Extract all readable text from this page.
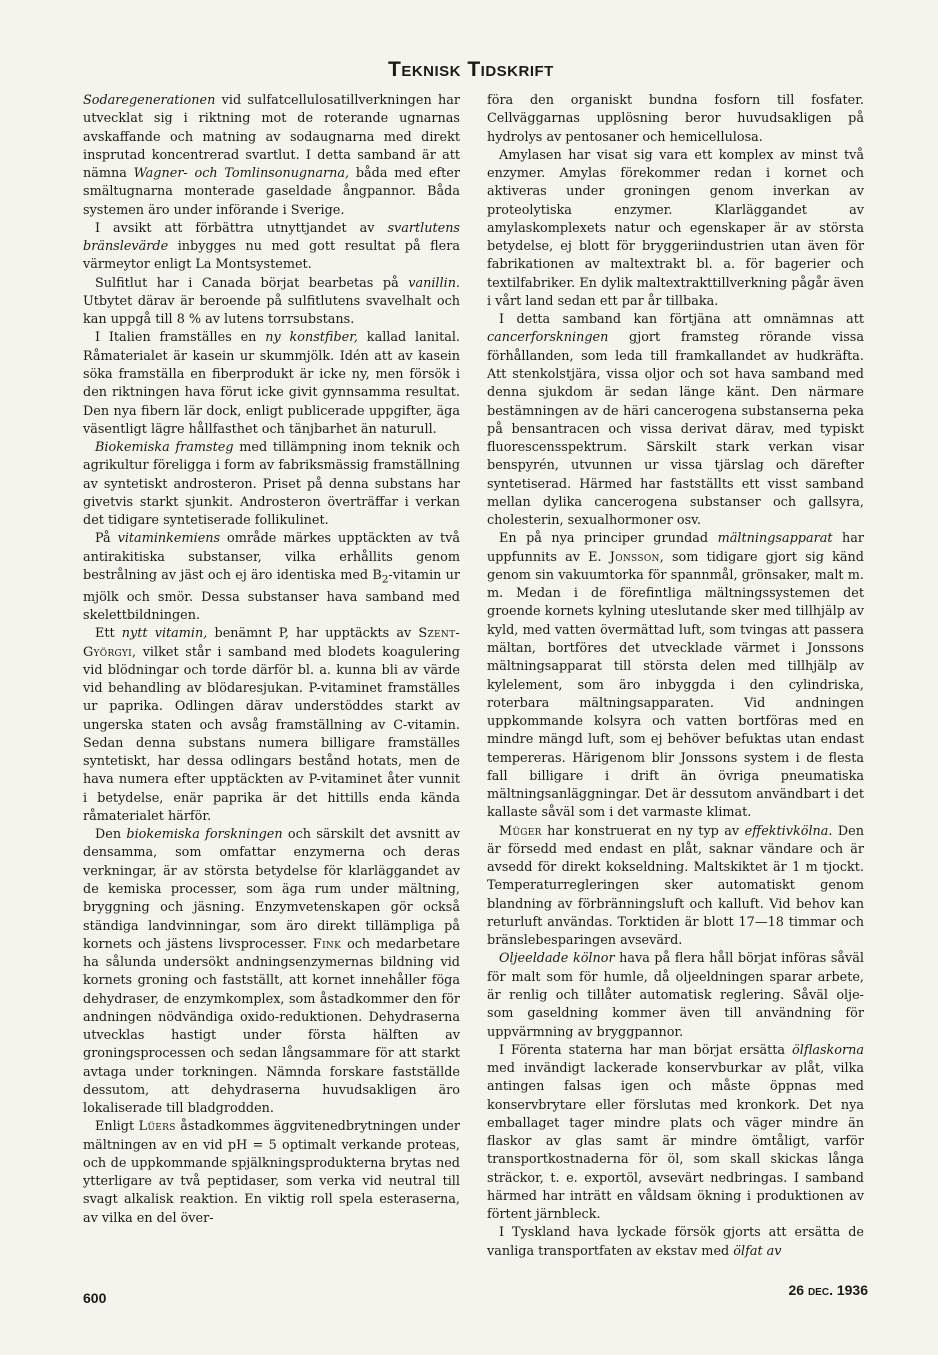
Teknisk Tidskrift

Sodaregenerationen vid sulfatcellulosatillverkningen har utvecklat sig i riktning mot de roterande ugnarnas avskaffande och matning av sodaugnarna med direkt insprutad koncentrerad svartlut. I detta samband är att nämna Wagner- och Tomlinsonugnarna, båda med efter smältugnarna monterade gaseldade ångpannor. Båda systemen äro under införande i Sverige.

I avsikt att förbättra utnyttjandet av svartlutens bränslevärde inbygges nu med gott resultat på flera värmeytor enligt La Montsystemet.

Sulfitlut har i Canada börjat bearbetas på vanillin. Utbytet därav är beroende på sulfitlutens svavelhalt och kan uppgå till 8 % av lutens torrsubstans.

I Italien framställes en ny konstfiber, kallad lanital. Råmaterialet är kasein ur skummjölk. Idén att av kasein söka framställa en fiberprodukt är icke ny, men försök i den riktningen hava förut icke givit gynnsamma resultat. Den nya fibern lär dock, enligt publicerade uppgifter, äga väsentligt lägre hållfasthet och tänjbarhet än naturull.

Biokemiska framsteg med tillämpning inom teknik och agrikultur föreligga i form av fabriksmässig framställning av syntetiskt androsteron. Priset på denna substans har givetvis starkt sjunkit. Androsteron överträffar i verkan det tidigare syntetiserade follikulinet.

På vitaminkemiens område märkes upptäckten av två antirakitiska substanser, vilka erhållits genom bestrålning av jäst och ej äro identiska med $B_2$-vitamin ur mjölk och smör. Dessa substanser hava samband med skelettbildningen.

Ett nytt vitamin, benämnt P, har upptäckts av Szent-Györgyi, vilket står i samband med blodets koagulering vid blödningar och torde därför bl. a. kunna bli av värde vid behandling av blödaresjukan. P-vitaminet framställes ur paprika. Odlingen därav understöddes starkt av ungerska staten och avsåg framställning av C-vitamin. Sedan denna substans numera billigare framställes syntetiskt, har dessa odlingars bestånd hotats, men de hava numera efter upptäckten av P-vitaminet åter vunnit i betydelse, enär paprika är det hittills enda kända råmaterialet härför.

Den biokemiska forskningen och särskilt det avsnitt av densamma, som omfattar enzymerna och deras verkningar, är av största betydelse för klarläggandet av de kemiska processer, som äga rum under mältning, bryggning och jäsning. Enzymvetenskapen gör också ständiga landvinningar, som äro direkt tillämpliga på kornets och jästens livsprocesser. Fink och medarbetare ha sålunda undersökt andningsenzymernas bildning vid kornets groning och fastställt, att kornet innehåller föga dehydraser, de enzymkomplex, som åstadkommer den för andningen nödvändiga oxido-reduktionen. Dehydraserna utvecklas hastigt under första hälften av groningsprocessen och sedan långsammare för att starkt avtaga under torkningen. Nämnda forskare fastställde dessutom, att dehydraserna huvudsakligen äro lokaliserade till bladgrodden.

Enligt Lüers åstadkommes äggvitenedbrytningen under mältningen av en vid pH = 5 optimalt verkande proteas, och de uppkommande spjälkningsprodukterna brytas ned ytterligare av två peptidaser, som verka vid neutral till svagt alkalisk reaktion. En viktig roll spela esteraserna, av vilka en del över-

föra den organiskt bundna fosforn till fosfater. Cellväggarnas upplösning beror huvudsakligen på hydrolys av pentosaner och hemicellulosa.

Amylasen har visat sig vara ett komplex av minst två enzymer. Amylas förekommer redan i kornet och aktiveras under groningen genom inverkan av proteolytiska enzymer. Klarläggandet av amylaskomplexets natur och egenskaper är av största betydelse, ej blott för bryggeriindustrien utan även för fabrikationen av maltextrakt bl. a. för bagerier och textilfabriker. En dylik maltextrakttillverkning pågår även i vårt land sedan ett par år tillbaka.

I detta samband kan förtjäna att omnämnas att cancerforskningen gjort framsteg rörande vissa förhållanden, som leda till framkallandet av hudkräfta. Att stenkolstjära, vissa oljor och sot hava samband med denna sjukdom är sedan länge känt. Den närmare bestämningen av de häri cancerogena substanserna peka på bensantracen och vissa derivat därav, med typiskt fluorescensspektrum. Särskilt stark verkan visar benspyrén, utvunnen ur vissa tjärslag och därefter syntetiserad. Härmed har fastställts ett visst samband mellan dylika cancerogena substanser och gallsyra, cholesterin, sexualhormoner osv.

En på nya principer grundad mältningsapparat har uppfunnits av E. Jonsson, som tidigare gjort sig känd genom sin vakuumtorka för spannmål, grönsaker, malt m. m. Medan i de förefintliga mältningssystemen det groende kornets kylning uteslutande sker med tillhjälp av kyld, med vatten övermättad luft, som tvingas att passera mältan, bortföres det utvecklade värmet i Jonssons mältningsapparat till största delen med tillhjälp av kylelement, som äro inbyggda i den cylindriska, roterbara mältningsapparaten. Vid andningen uppkommande kolsyra och vatten bortföras med en mindre mängd luft, som ej behöver befuktas utan endast tempereras. Härigenom blir Jonssons system i de flesta fall billigare i drift än övriga pneumatiska mältningsanläggningar. Det är dessutom användbart i det kallaste såväl som i det varmaste klimat.

Müger har konstruerat en ny typ av effektivkölna. Den är försedd med endast en plåt, saknar vändare och är avsedd för direkt kokseldning. Maltskiktet är 1 m tjockt. Temperaturregleringen sker automatiskt genom blandning av förbränningsluft och kalluft. Vid behov kan returluft användas. Torktiden är blott 17—18 timmar och bränslebesparingen avsevärd.

Oljeeldade kölnor hava på flera håll börjat införas såväl för malt som för humle, då oljeeldningen sparar arbete, är renlig och tillåter automatisk reglering. Såväl olje- som gaseldning kommer även till användning för uppvärmning av bryggpannor.

I Förenta staterna har man börjat ersätta ölflaskorna med invändigt lackerade konservburkar av plåt, vilka antingen falsas igen och måste öppnas med konservbrytare eller förslutas med kronkork. Det nya emballaget tager mindre plats och väger mindre än flaskor av glas samt är mindre ömtåligt, varför transportkostnaderna för öl, som skall skickas långa sträckor, t. e. exportöl, avsevärt nedbringas. I samband härmed har inträtt en våldsam ökning i produktionen av förtent järnbleck.

I Tyskland hava lyckade försök gjorts att ersätta de vanliga transportfaten av ekstav med ölfat av

600	26 dec. 1936
